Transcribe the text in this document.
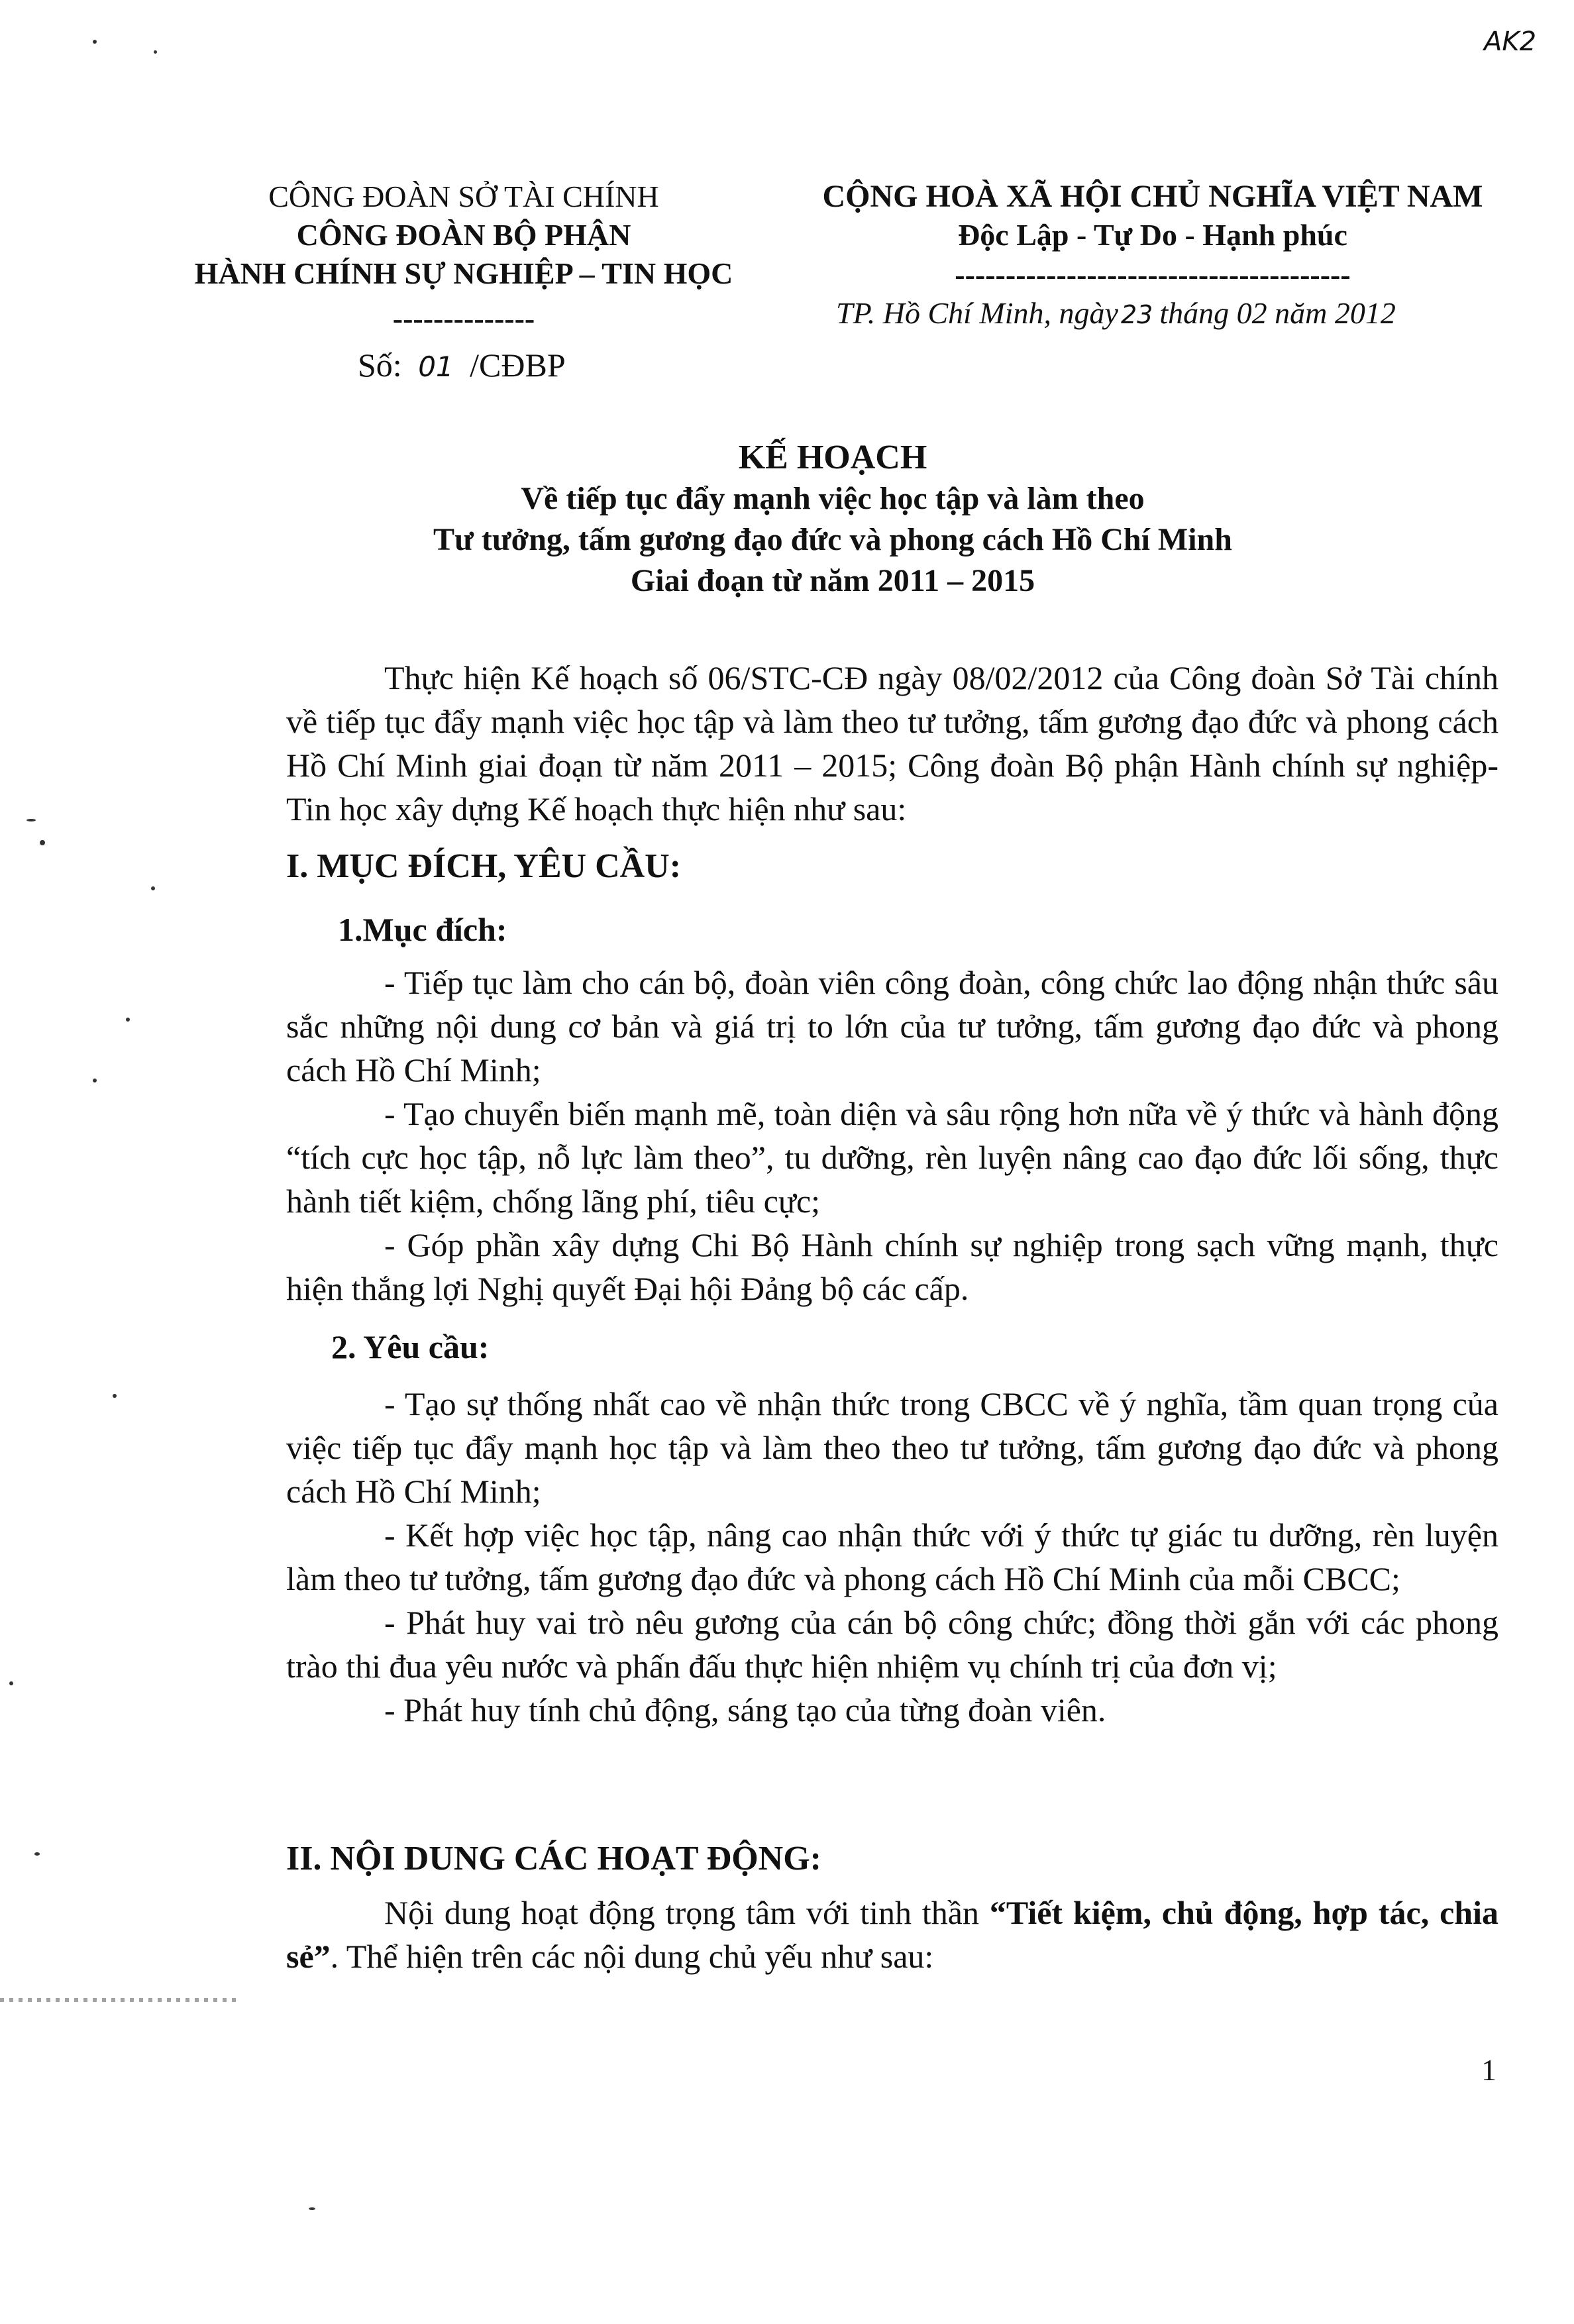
AK2
CÔNG ĐOÀN SỞ TÀI CHÍNH
CÔNG ĐOÀN BỘ PHẬN
HÀNH CHÍNH SỰ NGHIỆP – TIN HỌC
--------------
Số: 01 /CĐBP
CỘNG HOÀ XÃ HỘI CHỦ NGHĨA VIỆT NAM
Độc Lập - Tự Do - Hạnh phúc
---------------------------------------
TP. Hồ Chí Minh, ngày 23 tháng 02 năm 2012
KẾ HOẠCH
Về tiếp tục đẩy mạnh việc học tập và làm theo
Tư tưởng, tấm gương đạo đức và phong cách Hồ Chí Minh
Giai đoạn từ năm 2011 – 2015

Thực hiện Kế hoạch số 06/STC-CĐ ngày 08/02/2012 của Công đoàn Sở Tài chính về tiếp tục đẩy mạnh việc học tập và làm theo tư tưởng, tấm gương đạo đức và phong cách Hồ Chí Minh giai đoạn từ năm 2011 – 2015; Công đoàn Bộ phận Hành chính sự nghiệp-Tin học xây dựng Kế hoạch thực hiện như sau:

I. MỤC ĐÍCH, YÊU CẦU:
1.Mục đích:

- Tiếp tục làm cho cán bộ, đoàn viên công đoàn, công chức lao động nhận thức sâu sắc những nội dung cơ bản và giá trị to lớn của tư tưởng, tấm gương đạo đức và phong cách Hồ Chí Minh;

- Tạo chuyển biến mạnh mẽ, toàn diện và sâu rộng hơn nữa về ý thức và hành động “tích cực học tập, nỗ lực làm theo”, tu dưỡng, rèn luyện nâng cao đạo đức lối sống, thực hành tiết kiệm, chống lãng phí, tiêu cực;

- Góp phần xây dựng Chi Bộ Hành chính sự nghiệp trong sạch vững mạnh, thực hiện thắng lợi Nghị quyết Đại hội Đảng bộ các cấp.

2. Yêu cầu:

- Tạo sự thống nhất cao về nhận thức trong CBCC về ý nghĩa, tầm quan trọng của việc tiếp tục đẩy mạnh học tập và làm theo theo tư tưởng, tấm gương đạo đức và phong cách Hồ Chí Minh;

- Kết hợp việc học tập, nâng cao nhận thức với ý thức tự giác tu dưỡng, rèn luyện làm theo tư tưởng, tấm gương đạo đức và phong cách Hồ Chí Minh của mỗi CBCC;

- Phát huy vai trò nêu gương của cán bộ công chức; đồng thời gắn với các phong trào thi đua yêu nước và phấn đấu thực hiện nhiệm vụ chính trị của đơn vị;

- Phát huy tính chủ động, sáng tạo của từng đoàn viên.

II. NỘI DUNG CÁC HOẠT ĐỘNG:

Nội dung hoạt động trọng tâm với tinh thần “Tiết kiệm, chủ động, hợp tác, chia sẻ”. Thể hiện trên các nội dung chủ yếu như sau:

1
